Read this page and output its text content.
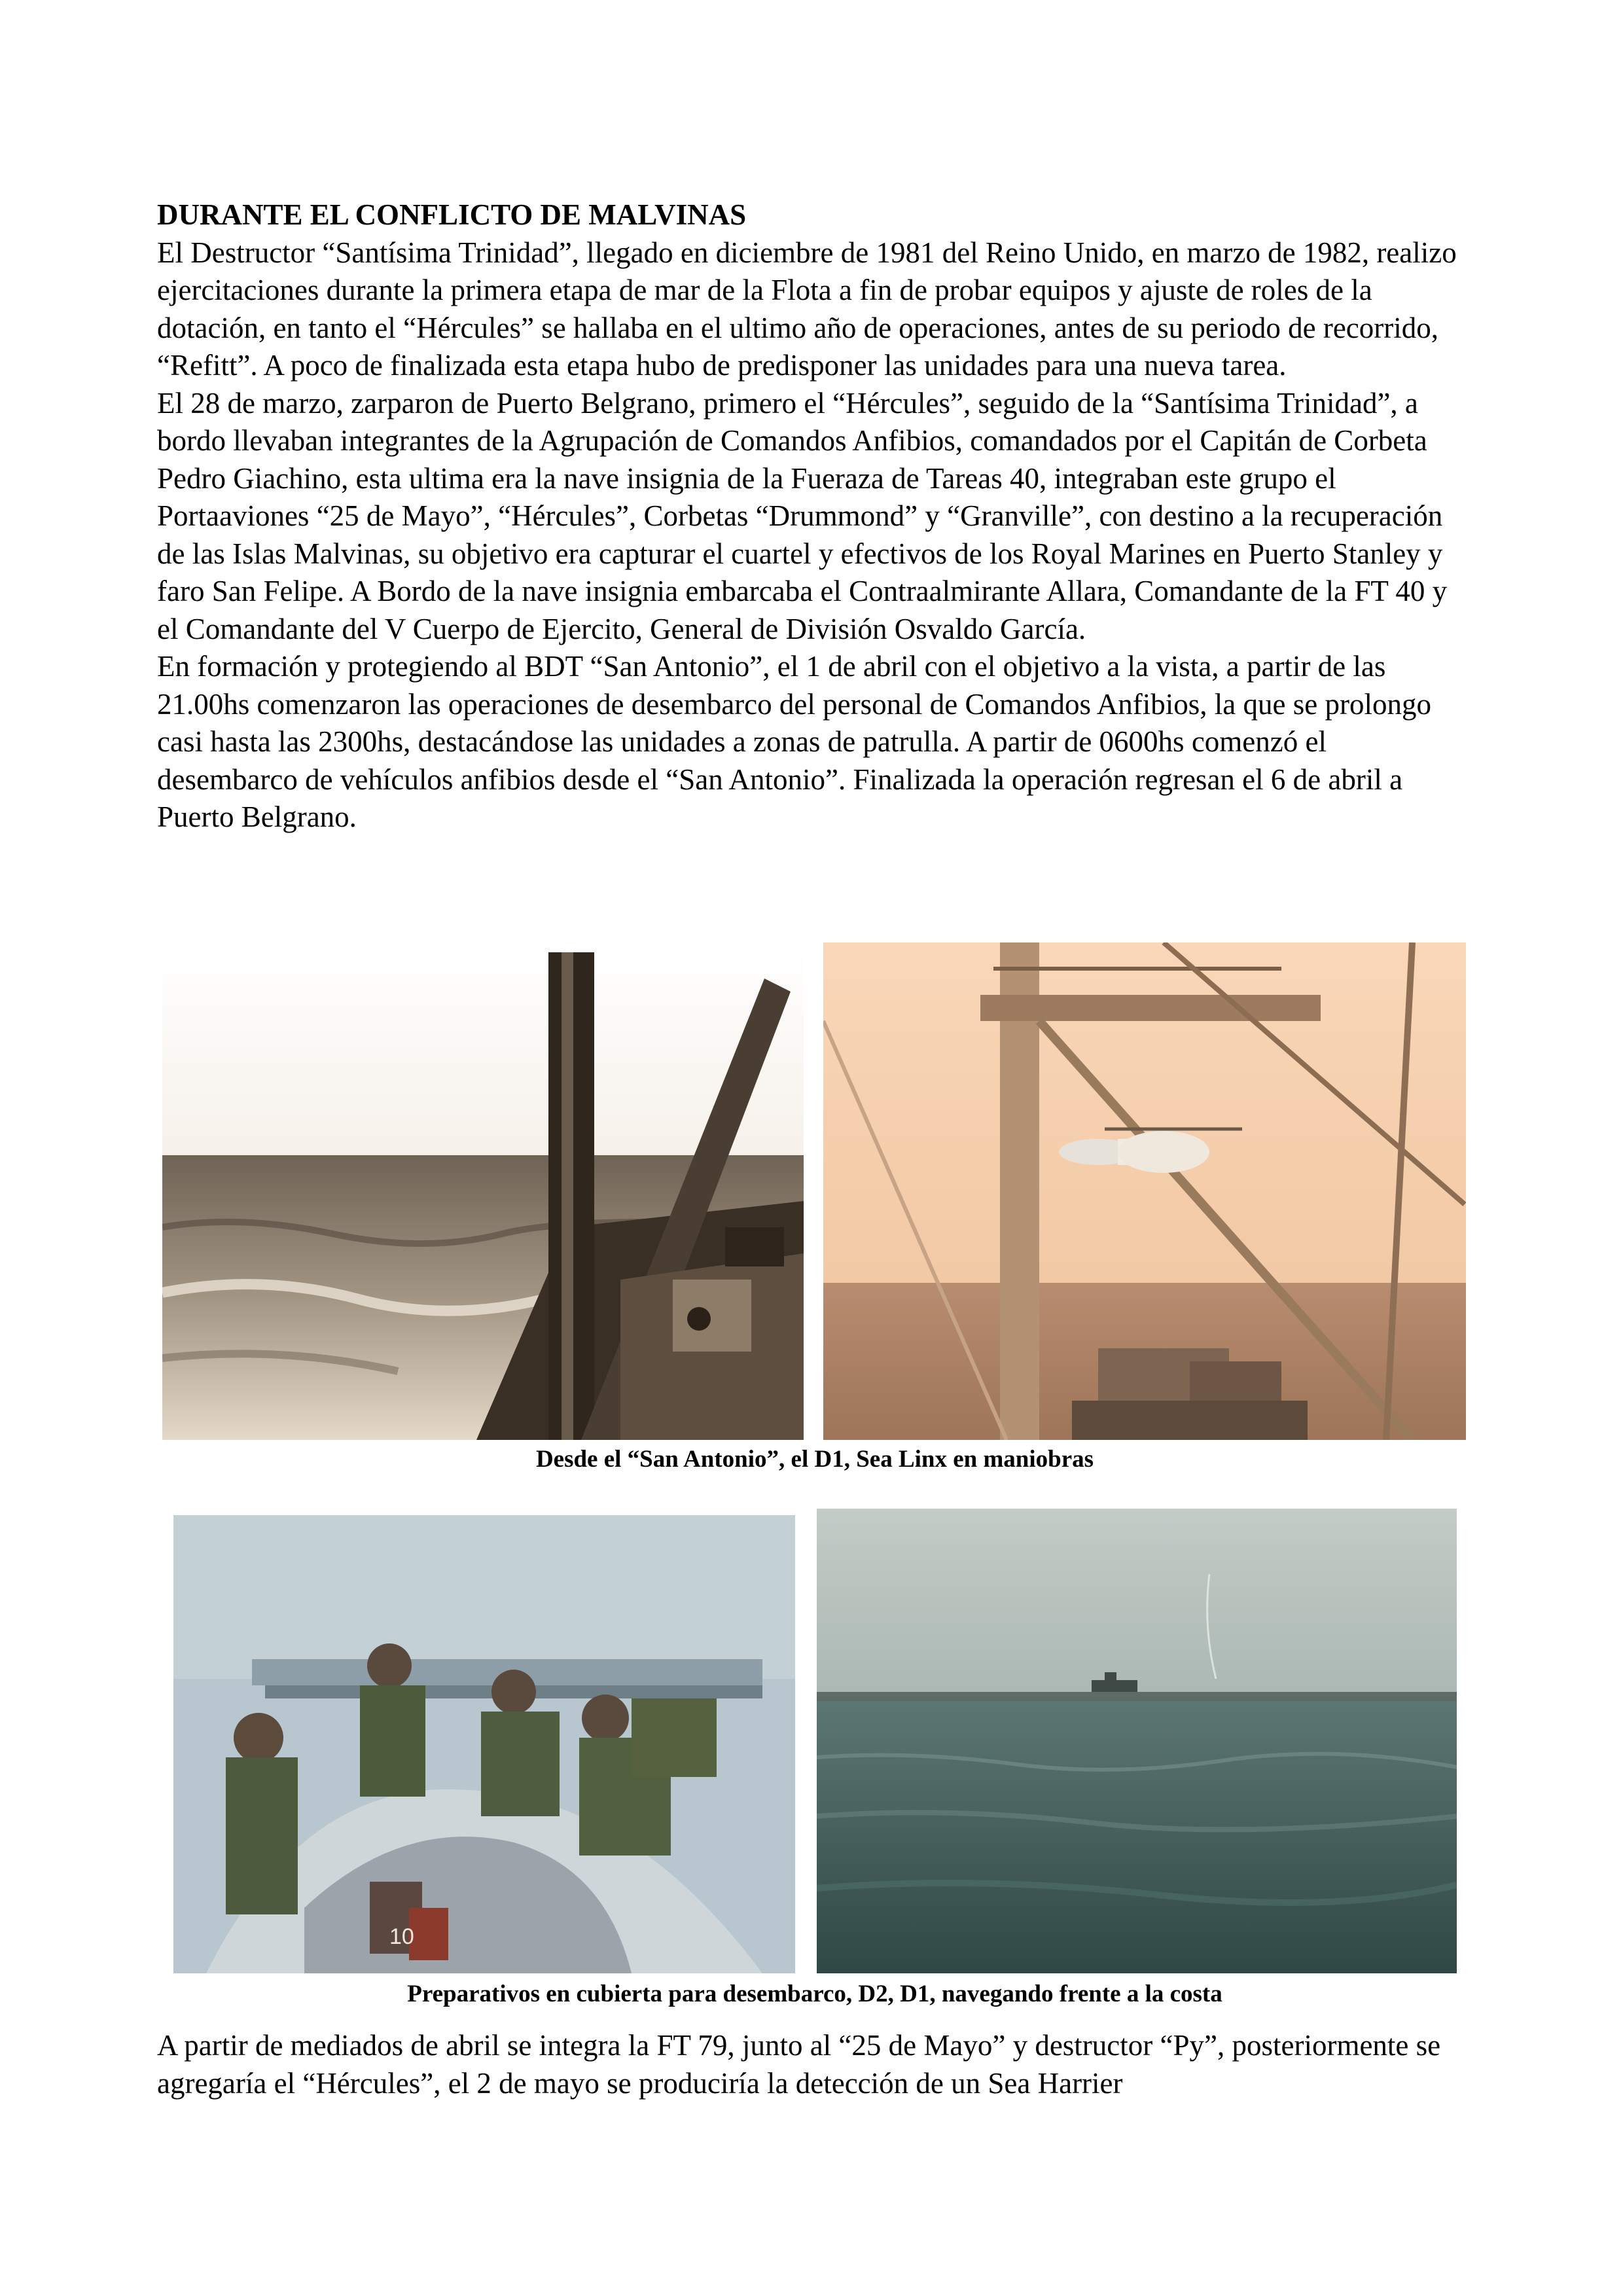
DURANTE EL CONFLICTO DE MALVINAS

El Destructor “Santísima Trinidad”, llegado en diciembre de 1981 del Reino Unido, en marzo de 1982, realizo ejercitaciones durante la primera etapa de mar de la Flota a fin de probar equipos y ajuste de roles de la dotación, en tanto el “Hércules” se hallaba en el ultimo año de operaciones, antes de su periodo de recorrido, “Refitt”. A poco de finalizada esta etapa hubo de predisponer las unidades para una nueva tarea.

El 28 de marzo, zarparon de Puerto Belgrano, primero el “Hércules”, seguido de la “Santísima Trinidad”, a bordo llevaban integrantes de la Agrupación de Comandos Anfibios, comandados por el Capitán de Corbeta Pedro Giachino, esta ultima era la nave insignia de la Fueraza de Tareas 40, integraban este grupo el Portaaviones “25 de Mayo”, “Hércules”, Corbetas “Drummond” y “Granville”, con destino a la recuperación de las Islas Malvinas, su objetivo era capturar el cuartel y efectivos de los Royal Marines en Puerto Stanley y faro San Felipe. A Bordo de la nave insignia embarcaba el Contraalmirante Allara, Comandante de la FT 40 y el Comandante del V Cuerpo de Ejercito, General de División Osvaldo García.

En formación y protegiendo al BDT “San Antonio”, el 1 de abril con el objetivo a la vista, a partir de las 21.00hs comenzaron las operaciones de desembarco del personal de Comandos Anfibios, la que se prolongo casi hasta las 2300hs, destacándose las unidades a zonas de patrulla. A partir de 0600hs comenzó el desembarco de vehículos anfibios desde el “San Antonio”. Finalizada la operación regresan el 6 de abril a Puerto Belgrano.

Desde el “San Antonio”, el D1, Sea Linx en maniobras
10
Preparativos en cubierta para desembarco, D2, D1, navegando frente a la costa

A partir de mediados de abril se integra la FT 79, junto al “25 de Mayo” y destructor “Py”, posteriormente se agregaría el “Hércules”, el 2 de mayo se produciría la detección de un Sea Harrier
